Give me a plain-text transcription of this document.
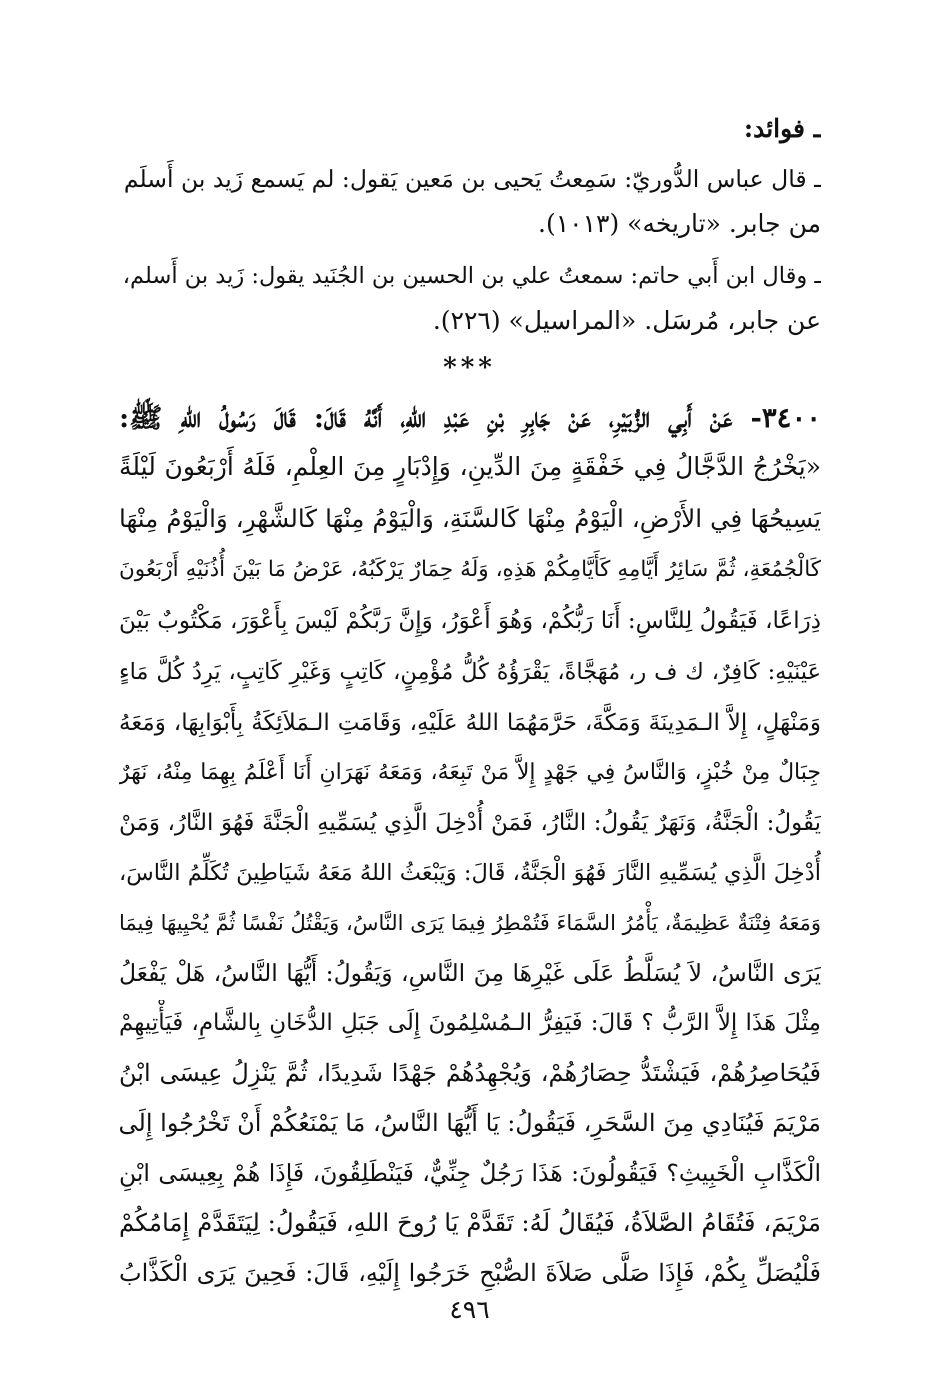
ـ فوائد:
ـ قال عباس الدُّوريّ: سَمِعتُ يَحيى بن مَعين يَقول: لم يَسمع زَيد بن أَسلَم
من جابر. «تاريخه» (١٠١٣).
ـ وقال ابن أَبي حاتم: سمعتُ علي بن الحسين بن الجُنَيد يقول: زَيد بن أَسلم،
عن جابر، مُرسَل. «المراسيل» (٢٢٦).
***
٣٤٠٠- عَنْ أَبِي الزُّبَيْرِ، عَنْ جَابِرِ بْنِ عَبْدِ اللهِ، أَنَّهُ قَالَ: قَالَ رَسُولُ اللهِ ﷺ:
«يَخْرُجُ الدَّجَّالُ فِي خَفْقَةٍ مِنَ الدِّينِ، وَإِدْبَارٍ مِنَ العِلْمِ، فَلَهُ أَرْبَعُونَ لَيْلَةً
يَسِيحُهَا فِي الأَرْضِ، الْيَوْمُ مِنْهَا كَالسَّنَةِ، وَالْيَوْمُ مِنْهَا كَالشَّهْرِ، وَالْيَوْمُ مِنْهَا
كَالْجُمُعَةِ، ثُمَّ سَائِرُ أَيَّامِهِ كَأَيَّامِكُمْ هَذِهِ، وَلَهُ حِمَارٌ يَرْكَبُهُ، عَرْضُ مَا بَيْنَ أُذُنَيْهِ أَرْبَعُونَ
ذِرَاعًا، فَيَقُولُ لِلنَّاسِ: أَنَا رَبُّكُمْ، وَهُوَ أَعْوَرُ، وَإِنَّ رَبَّكُمْ لَيْسَ بِأَعْوَرَ، مَكْتُوبٌ بَيْنَ
عَيْنَيْهِ: كَافِرٌ، ك ف ر، مُهَجَّاةً، يَقْرَؤُهُ كُلُّ مُؤْمِنٍ، كَاتِبٍ وَغَيْرِ كَاتِبٍ، يَرِدُ كُلَّ مَاءٍ
وَمَنْهَلٍ، إِلاَّ الـمَدِينَةَ وَمَكَّةَ، حَرَّمَهُمَا اللهُ عَلَيْهِ، وَقَامَتِ الـمَلاَئِكَةُ بِأَبْوَابِهَا، وَمَعَهُ
جِبَالٌ مِنْ خُبْزٍ، وَالنَّاسُ فِي جَهْدٍ إِلاَّ مَنْ تَبِعَهُ، وَمَعَهُ نَهَرَانِ أَنَا أَعْلَمُ بِهِمَا مِنْهُ، نَهَرٌ
يَقُولُ: الْجَنَّةُ، وَنَهَرٌ يَقُولُ: النَّارُ، فَمَنْ أُدْخِلَ الَّذِي يُسَمِّيهِ الْجَنَّةَ فَهُوَ النَّارُ، وَمَنْ
أُدْخِلَ الَّذِي يُسَمِّيهِ النَّارَ فَهُوَ الْجَنَّةُ، قَالَ: وَيَبْعَثُ اللهُ مَعَهُ شَيَاطِينَ تُكَلِّمُ النَّاسَ،
وَمَعَهُ فِتْنَةٌ عَظِيمَةٌ، يَأْمُرُ السَّمَاءَ فَتُمْطِرُ فِيمَا يَرَى النَّاسُ، وَيَقْتُلُ نَفْسًا ثُمَّ يُحْيِيهَا فِيمَا
يَرَى النَّاسُ، لاَ يُسَلَّطُ عَلَى غَيْرِهَا مِنَ النَّاسِ، وَيَقُولُ: أَيُّهَا النَّاسُ، هَلْ يَفْعَلُ
مِثْلَ هَذَا إِلاَّ الرَّبُّ ؟ قَالَ: فَيَفِرُّ الـمُسْلِمُونَ إِلَى جَبَلِ الدُّخَانِ بِالشَّامِ، فَيَأْتِيهِمْ
فَيُحَاصِرُهُمْ، فَيَشْتَدُّ حِصَارُهُمْ، وَيُجْهِدُهُمْ جَهْدًا شَدِيدًا، ثُمَّ يَنْزِلُ عِيسَى ابْنُ
مَرْيَمَ فَيُنَادِي مِنَ السَّحَرِ، فَيَقُولُ: يَا أَيُّهَا النَّاسُ، مَا يَمْنَعُكُمْ أَنْ تَخْرُجُوا إِلَى
الْكَذَّابِ الْخَبِيثِ؟ فَيَقُولُونَ: هَذَا رَجُلٌ جِنِّيٌّ، فَيَنْطَلِقُونَ، فَإِذَا هُمْ بِعِيسَى ابْنِ
مَرْيَمَ، فَتُقَامُ الصَّلاَةُ، فَيُقَالُ لَهُ: تَقَدَّمْ يَا رُوحَ اللهِ، فَيَقُولُ: لِيَتَقَدَّمْ إِمَامُكُمْ
فَلْيُصَلِّ بِكُمْ، فَإِذَا صَلَّى صَلاَةَ الصُّبْحِ خَرَجُوا إِلَيْهِ، قَالَ: فَحِينَ يَرَى الْكَذَّابُ
٤٩٦
